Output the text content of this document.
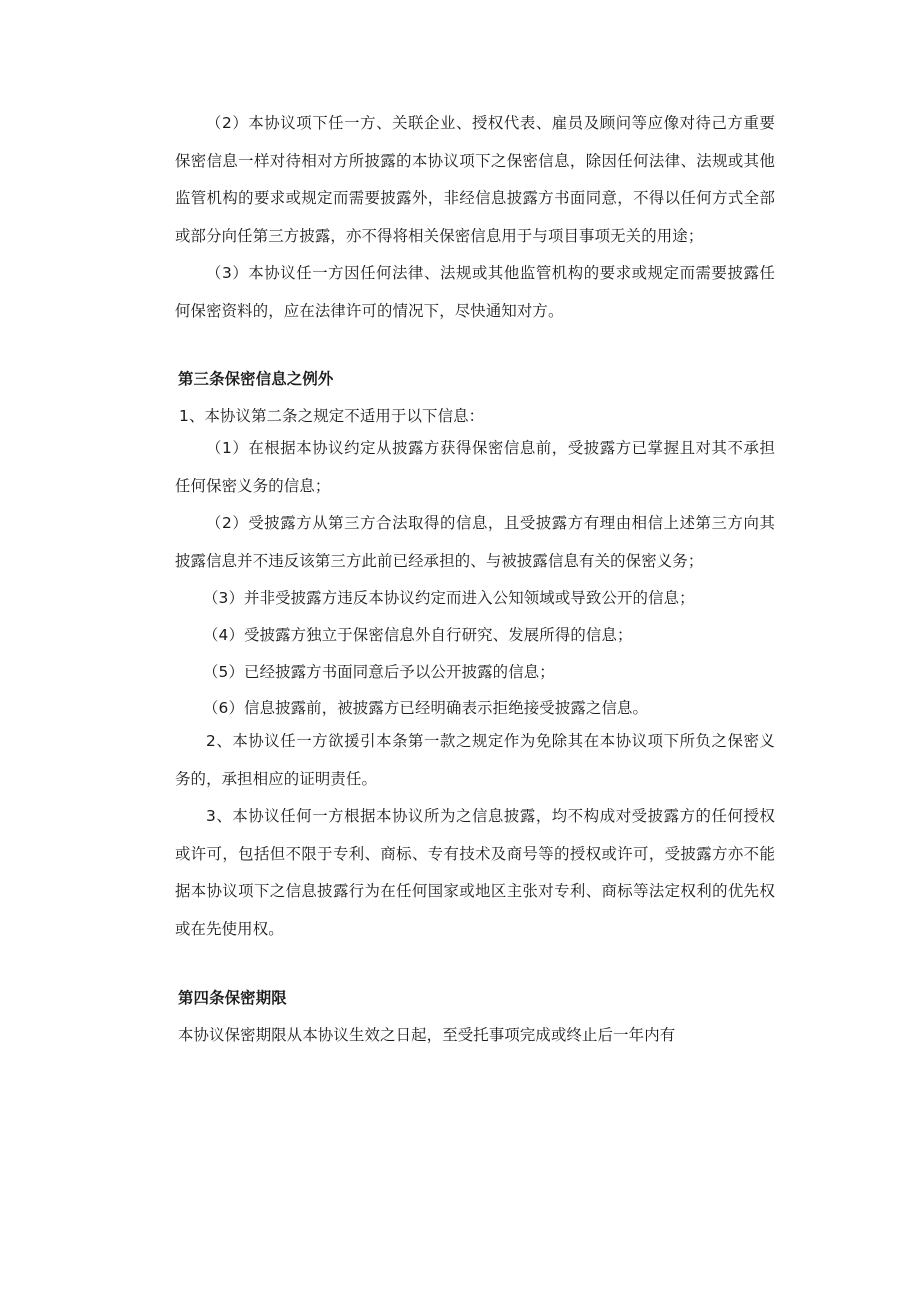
（2）本协议项下任一方、关联企业、授权代表、雇员及顾问等应像对待己方重要保密信息一样对待相对方所披露的本协议项下之保密信息，除因任何法律、法规或其他监管机构的要求或规定而需要披露外，非经信息披露方书面同意，不得以任何方式全部或部分向任第三方披露，亦不得将相关保密信息用于与项目事项无关的用途；

（3）本协议任一方因任何法律、法规或其他监管机构的要求或规定而需要披露任何保密资料的，应在法律许可的情况下，尽快通知对方。

第三条保密信息之例外

1、本协议第二条之规定不适用于以下信息：

（1）在根据本协议约定从披露方获得保密信息前，受披露方已掌握且对其不承担任何保密义务的信息；

（2）受披露方从第三方合法取得的信息，且受披露方有理由相信上述第三方向其披露信息并不违反该第三方此前已经承担的、与被披露信息有关的保密义务；

（3）并非受披露方违反本协议约定而进入公知领域或导致公开的信息；

（4）受披露方独立于保密信息外自行研究、发展所得的信息；

（5）已经披露方书面同意后予以公开披露的信息；

（6）信息披露前，被披露方已经明确表示拒绝接受披露之信息。

2、本协议任一方欲援引本条第一款之规定作为免除其在本协议项下所负之保密义务的，承担相应的证明责任。

3、本协议任何一方根据本协议所为之信息披露，均不构成对受披露方的任何授权或许可，包括但不限于专利、商标、专有技术及商号等的授权或许可，受披露方亦不能据本协议项下之信息披露行为在任何国家或地区主张对专利、商标等法定权利的优先权或在先使用权。

第四条保密期限

本协议保密期限从本协议生效之日起，至受托事项完成或终止后一年内有
